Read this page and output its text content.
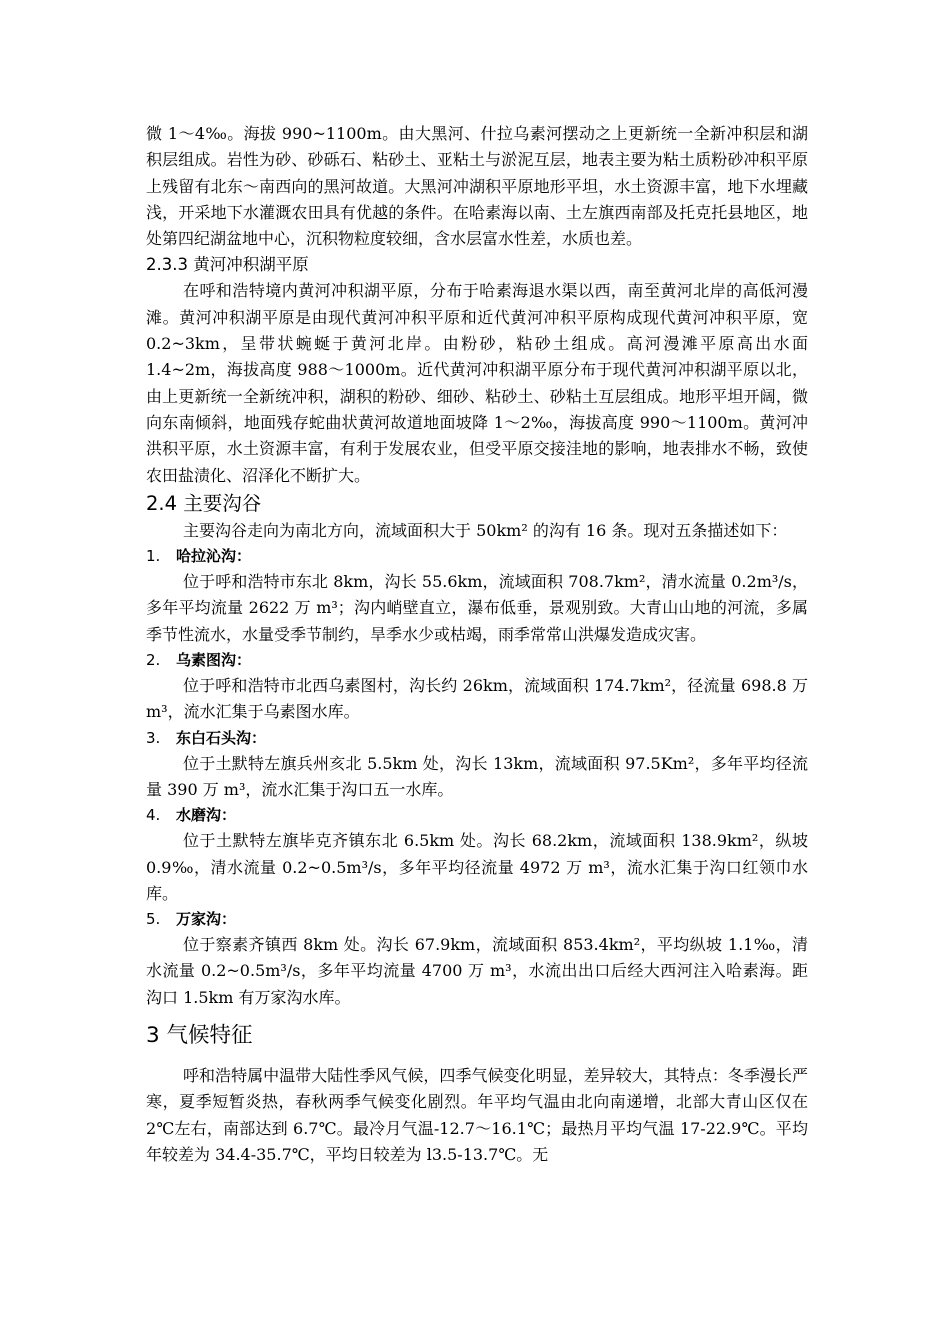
微 1～4‰。海拔 990~1100m。由大黑河、什拉乌素河摆动之上更新统一全新冲积层和湖积层组成。岩性为砂、砂砾石、粘砂土、亚粘土与淤泥互层，地表主要为粘土质粉砂冲积平原上残留有北东～南西向的黑河故道。大黑河冲湖积平原地形平坦，水土资源丰富，地下水埋藏浅，开采地下水灌溉农田具有优越的条件。在哈素海以南、土左旗西南部及托克托县地区，地处第四纪湖盆地中心，沉积物粒度较细，含水层富水性差，水质也差。

2.3.3 黄河冲积湖平原

在呼和浩特境内黄河冲积湖平原，分布于哈素海退水渠以西，南至黄河北岸的高低河漫滩。黄河冲积湖平原是由现代黄河冲积平原和近代黄河冲积平原构成现代黄河冲积平原，宽 0.2~3km，呈带状蜿蜒于黄河北岸。由粉砂，粘砂土组成。高河漫滩平原高出水面 1.4~2m，海拔高度 988～1000m。近代黄河冲积湖平原分布于现代黄河冲积湖平原以北，由上更新统一全新统冲积，湖积的粉砂、细砂、粘砂土、砂粘土互层组成。地形平坦开阔，微向东南倾斜，地面残存蛇曲状黄河故道地面坡降 1～2‰，海拔高度 990～1100m。黄河冲洪积平原，水土资源丰富，有利于发展农业，但受平原交接洼地的影响，地表排水不畅，致使农田盐渍化、沼泽化不断扩大。

2.4 主要沟谷

主要沟谷走向为南北方向，流域面积大于 50km² 的沟有 16 条。现对五条描述如下：

1. 哈拉沁沟：

位于呼和浩特市东北 8km，沟长 55.6km，流域面积 708.7km²，清水流量 0.2m³/s，多年平均流量 2622 万 m³；沟内峭壁直立，瀑布低垂，景观别致。大青山山地的河流，多属季节性流水，水量受季节制约，旱季水少或枯竭，雨季常常山洪爆发造成灾害。

2. 乌素图沟：

位于呼和浩特市北西乌素图村，沟长约 26km，流域面积 174.7km²，径流量 698.8 万 m³，流水汇集于乌素图水库。

3. 东白石头沟：

位于土默特左旗兵州亥北 5.5km 处，沟长 13km，流域面积 97.5Km²，多年平均径流量 390 万 m³，流水汇集于沟口五一水库。

4. 水磨沟：

位于土默特左旗毕克齐镇东北 6.5km 处。沟长 68.2km，流域面积 138.9km²，纵坡 0.9‰，清水流量 0.2~0.5m³/s，多年平均径流量 4972 万 m³，流水汇集于沟口红领巾水库。

5. 万家沟：

位于察素齐镇西 8km 处。沟长 67.9km，流域面积 853.4km²，平均纵坡 1.1‰，清水流量 0.2~0.5m³/s，多年平均流量 4700 万 m³，水流出出口后经大西河注入哈素海。距沟口 1.5km 有万家沟水库。

3 气候特征

呼和浩特属中温带大陆性季风气候，四季气候变化明显，差异较大，其特点：冬季漫长严寒，夏季短暂炎热，春秋两季气候变化剧烈。年平均气温由北向南递增，北部大青山区仅在 2℃左右，南部达到 6.7℃。最冷月气温-12.7～16.1℃；最热月平均气温 17-22.9℃。平均年较差为 34.4-35.7℃，平均日较差为 l3.5-13.7℃。无
